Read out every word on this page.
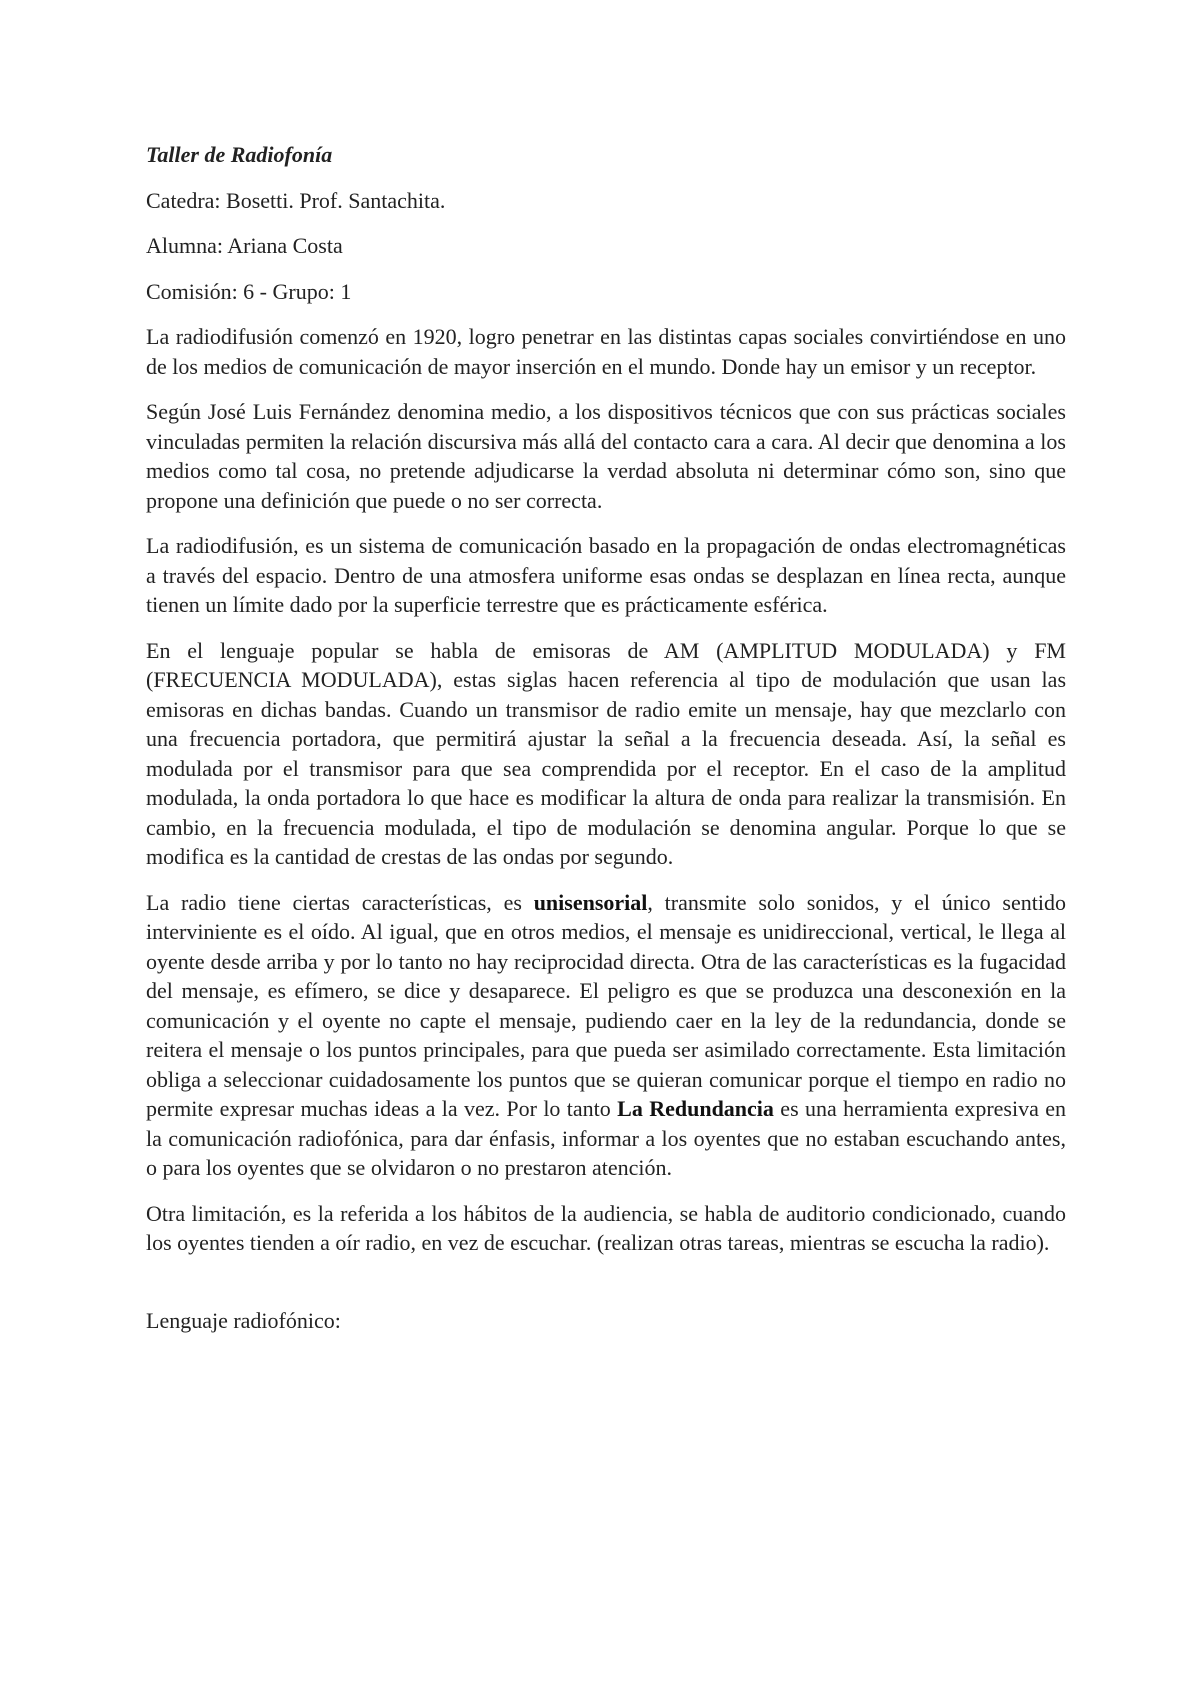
Taller de Radiofonía

Catedra: Bosetti. Prof. Santachita.

Alumna: Ariana Costa

Comisión: 6 - Grupo: 1

La radiodifusión comenzó en 1920, logro penetrar en las distintas capas sociales convirtiéndose en uno de los medios de comunicación de mayor inserción en el mundo. Donde hay un emisor y un receptor.

Según José Luis Fernández denomina medio, a los dispositivos técnicos que con sus prácticas sociales vinculadas permiten la relación discursiva más allá del contacto cara a cara. Al decir que denomina a los medios como tal cosa, no pretende adjudicarse la verdad absoluta ni determinar cómo son, sino que propone una definición que puede o no ser correcta.

La radiodifusión, es un sistema de comunicación basado en la propagación de ondas electromagnéticas a través del espacio. Dentro de una atmosfera uniforme esas ondas se desplazan en línea recta, aunque tienen un límite dado por la superficie terrestre que es prácticamente esférica.

En el lenguaje popular se habla de emisoras de AM (AMPLITUD MODULADA) y FM (FRECUENCIA MODULADA), estas siglas hacen referencia al tipo de modulación que usan las emisoras en dichas bandas. Cuando un transmisor de radio emite un mensaje, hay que mezclarlo con una frecuencia portadora, que permitirá ajustar la señal a la frecuencia deseada. Así, la señal es modulada por el transmisor para que sea comprendida por el receptor. En el caso de la amplitud modulada, la onda portadora lo que hace es modificar la altura de onda para realizar la transmisión. En cambio, en la frecuencia modulada, el tipo de modulación se denomina angular. Porque lo que se modifica es la cantidad de crestas de las ondas por segundo.

La radio tiene ciertas características, es unisensorial, transmite solo sonidos, y el único sentido interviniente es el oído. Al igual, que en otros medios, el mensaje es unidireccional, vertical, le llega al oyente desde arriba y por lo tanto no hay reciprocidad directa. Otra de las características es la fugacidad del mensaje, es efímero, se dice y desaparece. El peligro es que se produzca una desconexión en la comunicación y el oyente no capte el mensaje, pudiendo caer en la ley de la redundancia, donde se reitera el mensaje o los puntos principales, para que pueda ser asimilado correctamente. Esta limitación obliga a seleccionar cuidadosamente los puntos que se quieran comunicar porque el tiempo en radio no permite expresar muchas ideas a la vez. Por lo tanto La Redundancia es una herramienta expresiva en la comunicación radiofónica, para dar énfasis, informar a los oyentes que no estaban escuchando antes, o para los oyentes que se olvidaron o no prestaron atención.

Otra limitación, es la referida a los hábitos de la audiencia, se habla de auditorio condicionado, cuando los oyentes tienden a oír radio, en vez de escuchar. (realizan otras tareas, mientras se escucha la radio).

Lenguaje radiofónico:
